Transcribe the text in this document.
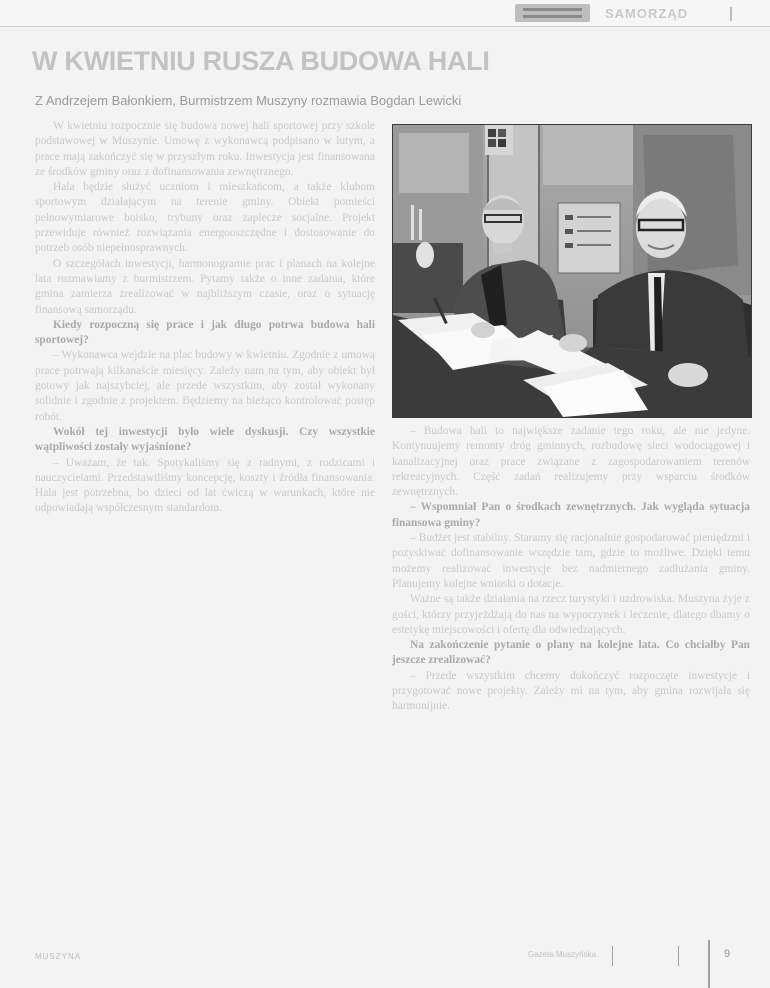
SAMORZĄD
W KWIETNIU RUSZA BUDOWA HALI
Z Andrzejem Bałonkiem, Burmistrzem Muszyny rozmawia Bogdan Lewicki

W kwietniu rozpocznie się budowa nowej hali sportowej przy szkole podstawowej w Muszynie. Umowę z wykonawcą podpisano w lutym, a prace mają zakończyć się w przyszłym roku. Inwestycja jest finansowana ze środków gminy oraz z dofinansowania zewnętrznego.

Hala będzie służyć uczniom i mieszkańcom, a także klubom sportowym działającym na terenie gminy. Obiekt pomieści pełnowymiarowe boisko, trybuny oraz zaplecze socjalne. Projekt przewiduje również rozwiązania energooszczędne i dostosowanie do potrzeb osób niepełnosprawnych.

O szczegółach inwestycji, harmonogramie prac i planach na kolejne lata rozmawiamy z burmistrzem. Pytamy także o inne zadania, które gmina zamierza zrealizować w najbliższym czasie, oraz o sytuację finansową samorządu.

Kiedy rozpoczną się prace i jak długo potrwa budowa hali sportowej?

– Wykonawca wejdzie na plac budowy w kwietniu. Zgodnie z umową prace potrwają kilkanaście miesięcy. Zależy nam na tym, aby obiekt był gotowy jak najszybciej, ale przede wszystkim, aby został wykonany solidnie i zgodnie z projektem. Będziemy na bieżąco kontrolować postęp robót.

Wokół tej inwestycji było wiele dyskusji. Czy wszystkie wątpliwości zostały wyjaśnione?

– Uważam, że tak. Spotykaliśmy się z radnymi, z rodzicami i nauczycielami. Przedstawiliśmy koncepcję, koszty i źródła finansowania. Hala jest potrzebna, bo dzieci od lat ćwiczą w warunkach, które nie odpowiadają współczesnym standardom.

– Budowa hali to największe zadanie tego roku, ale nie jedyne. Kontynuujemy remonty dróg gminnych, rozbudowę sieci wodociągowej i kanalizacyjnej oraz prace związane z zagospodarowaniem terenów rekreacyjnych. Część zadań realizujemy przy wsparciu środków zewnętrznych.

– Wspomniał Pan o środkach zewnętrznych. Jak wygląda sytuacja finansowa gminy?

– Budżet jest stabilny. Staramy się racjonalnie gospodarować pieniędzmi i pozyskiwać dofinansowanie wszędzie tam, gdzie to możliwe. Dzięki temu możemy realizować inwestycje bez nadmiernego zadłużania gminy. Planujemy kolejne wnioski o dotacje.

Ważne są także działania na rzecz turystyki i uzdrowiska. Muszyna żyje z gości, którzy przyjeżdżają do nas na wypoczynek i leczenie, dlatego dbamy o estetykę miejscowości i ofertę dla odwiedzających.

Na zakończenie pytanie o plany na kolejne lata. Co chciałby Pan jeszcze zrealizować?

– Przede wszystkim chcemy dokończyć rozpoczęte inwestycje i przygotować nowe projekty. Zależy mi na tym, aby gmina rozwijała się harmonijnie.

MUSZYNA	Gazeta Muszyńska	9
